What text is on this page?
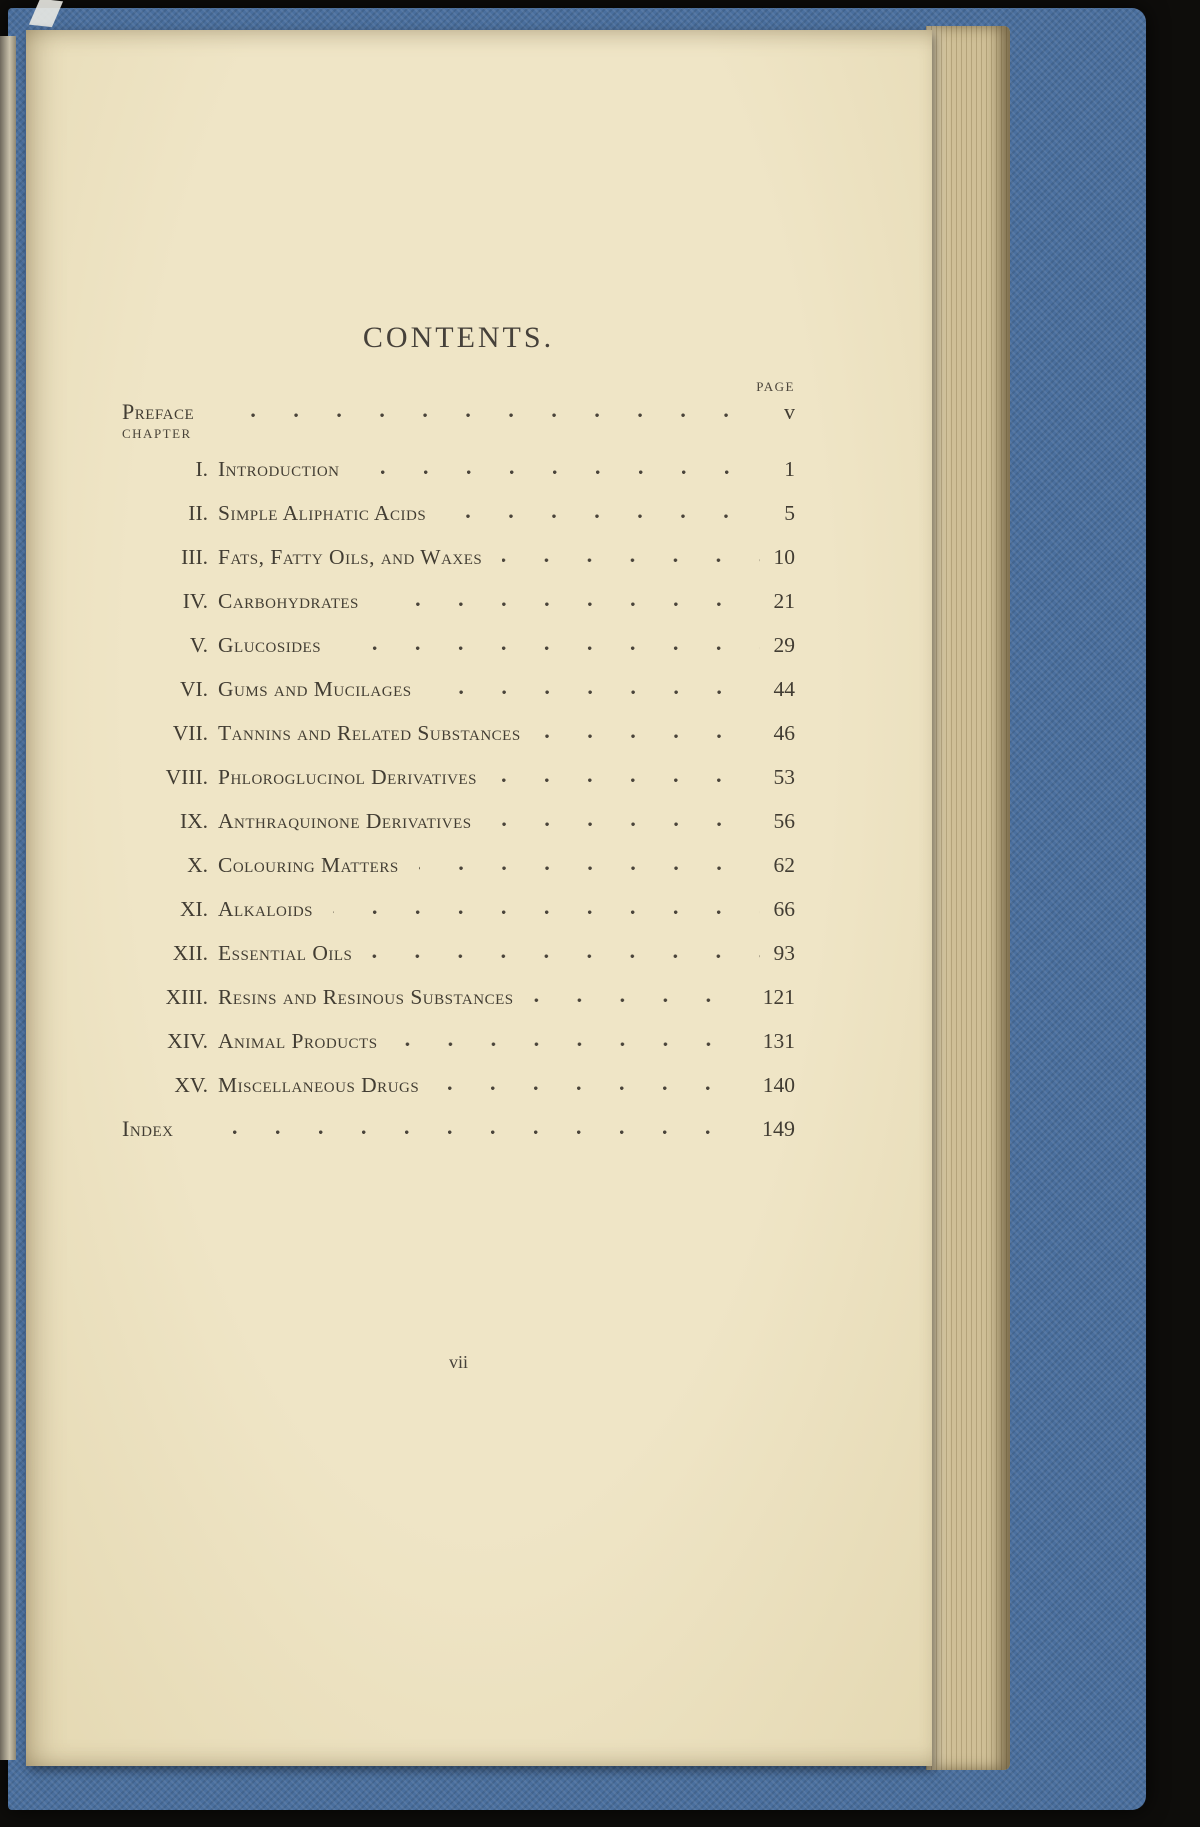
CONTENTS.
PAGE
Preface	v
CHAPTER
I. Introduction	1
II. Simple Aliphatic Acids	5
III. Fats, Fatty Oils, and Waxes	10
IV. Carbohydrates	21
V. Glucosides	29
VI. Gums and Mucilages	44
VII. Tannins and Related Substances	46
VIII. Phloroglucinol Derivatives	53
IX. Anthraquinone Derivatives	56
X. Colouring Matters	62
XI. Alkaloids	66
XII. Essential Oils	93
XIII. Resins and Resinous Substances	121
XIV. Animal Products	131
XV. Miscellaneous Drugs	140
Index	149
vii
